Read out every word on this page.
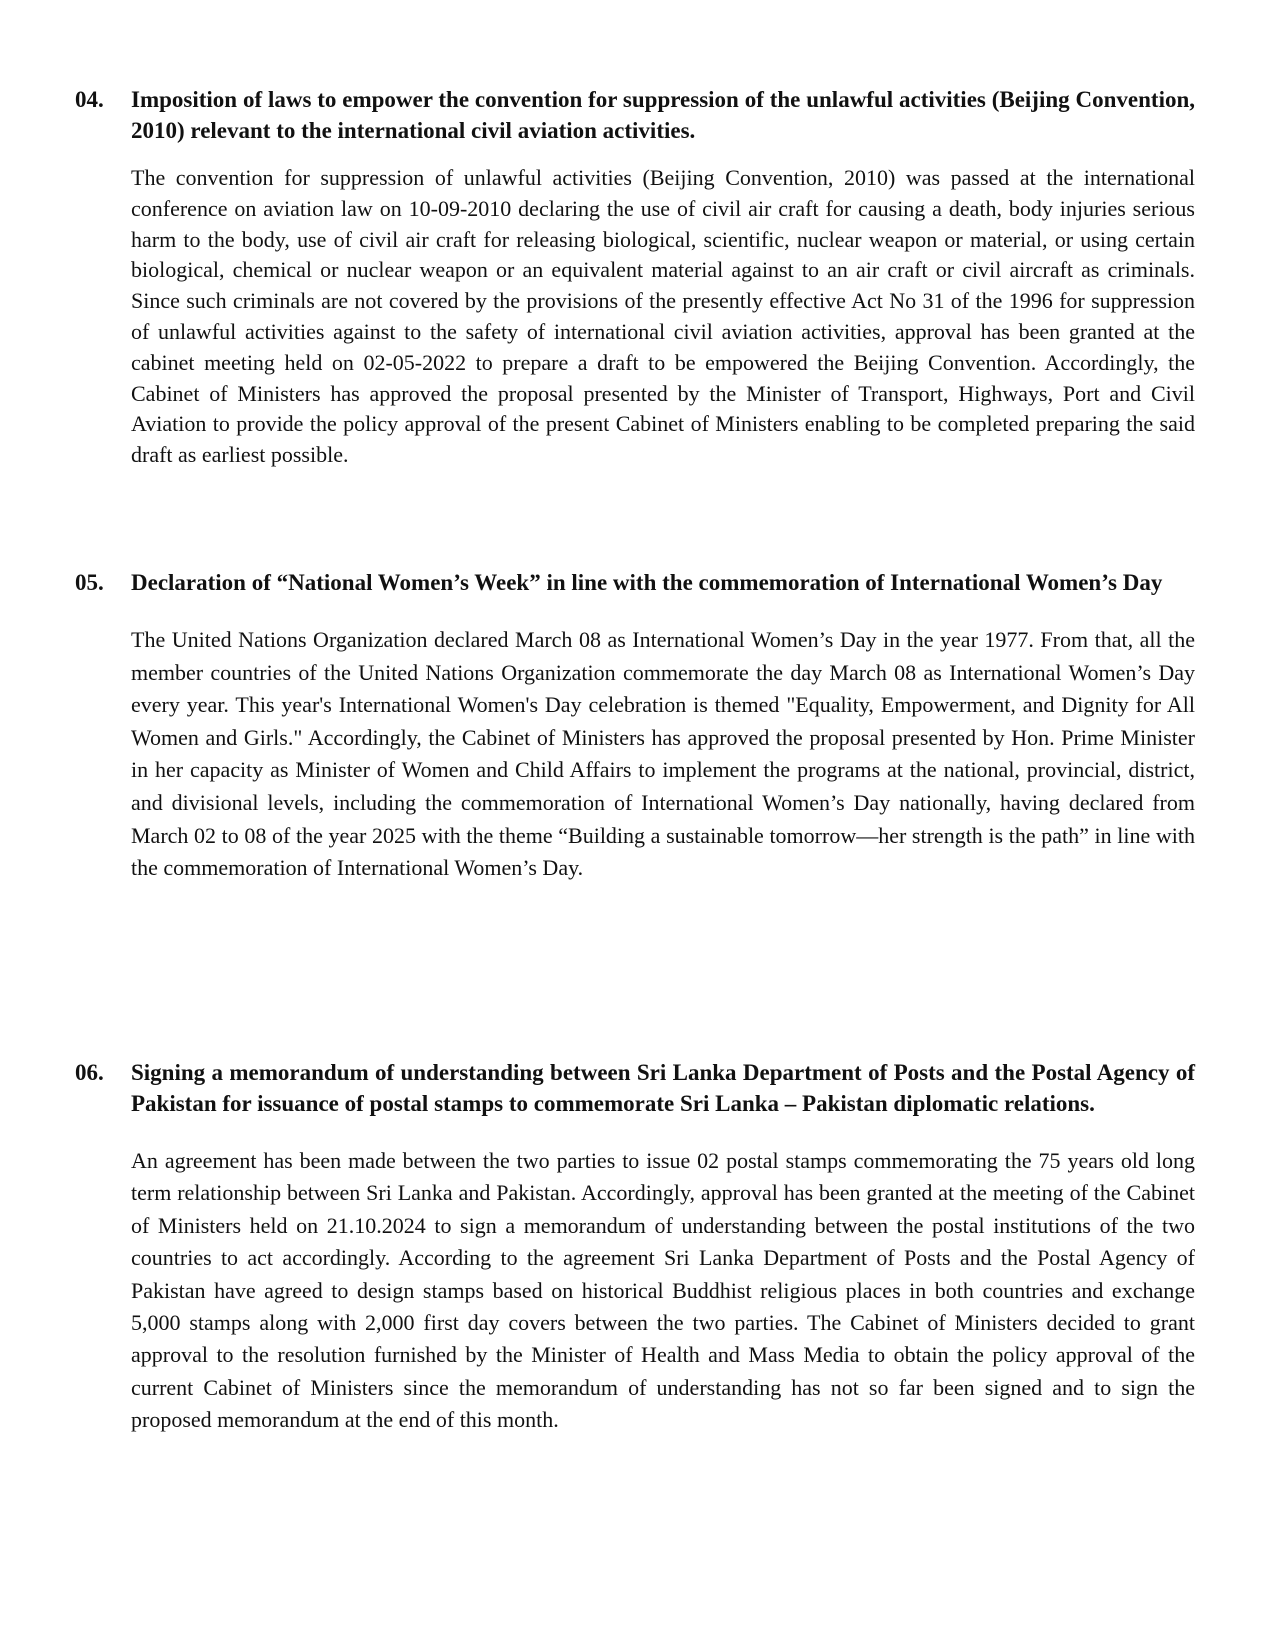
04.	Imposition of laws to empower the convention for suppression of the unlawful activities (Beijing Convention, 2010) relevant to the international civil aviation activities.
The convention for suppression of unlawful activities (Beijing Convention, 2010) was passed at the international conference on aviation law on 10-09-2010 declaring the use of civil air craft for causing a death, body injuries serious harm to the body, use of civil air craft for releasing biological, scientific, nuclear weapon or material, or using certain biological, chemical or nuclear weapon or an equivalent material against to an air craft or civil aircraft as criminals. Since such criminals are not covered by the provisions of the presently effective Act No 31 of the 1996 for suppression of unlawful activities against to the safety of international civil aviation activities, approval has been granted at the cabinet meeting held on 02-05-2022 to prepare a draft to be empowered the Beijing Convention. Accordingly, the Cabinet of Ministers has approved the proposal presented by the Minister of Transport, Highways, Port and Civil Aviation to provide the policy approval of the present Cabinet of Ministers enabling to be completed preparing the said draft as earliest possible.
05.	Declaration of “National Women’s Week” in line with the commemoration of International Women’s Day
The United Nations Organization declared March 08 as International Women’s Day in the year 1977. From that, all the member countries of the United Nations Organization commemorate the day March 08 as International Women’s Day every year. This year's International Women's Day celebration is themed "Equality, Empowerment, and Dignity for All Women and Girls." Accordingly, the Cabinet of Ministers has approved the proposal presented by Hon. Prime Minister in her capacity as Minister of Women and Child Affairs to implement the programs at the national, provincial, district, and divisional levels, including the commemoration of International Women’s Day nationally, having declared from March 02 to 08 of the year 2025 with the theme “Building a sustainable tomorrow—her strength is the path” in line with the commemoration of International Women’s Day.
06.	Signing a memorandum of understanding between Sri Lanka Department of Posts and the Postal Agency of Pakistan for issuance of postal stamps to commemorate Sri Lanka – Pakistan diplomatic relations.
An agreement has been made between the two parties to issue 02 postal stamps commemorating the 75 years old long term relationship between Sri Lanka and Pakistan. Accordingly, approval has been granted at the meeting of the Cabinet of Ministers held on 21.10.2024 to sign a memorandum of understanding between the postal institutions of the two countries to act accordingly. According to the agreement Sri Lanka Department of Posts and the Postal Agency of Pakistan have agreed to design stamps based on historical Buddhist religious places in both countries and exchange 5,000 stamps along with 2,000 first day covers between the two parties. The Cabinet of Ministers decided to grant approval to the resolution furnished by the Minister of Health and Mass Media to obtain the policy approval of the current Cabinet of Ministers since the memorandum of understanding has not so far been signed and to sign the proposed memorandum at the end of this month.
